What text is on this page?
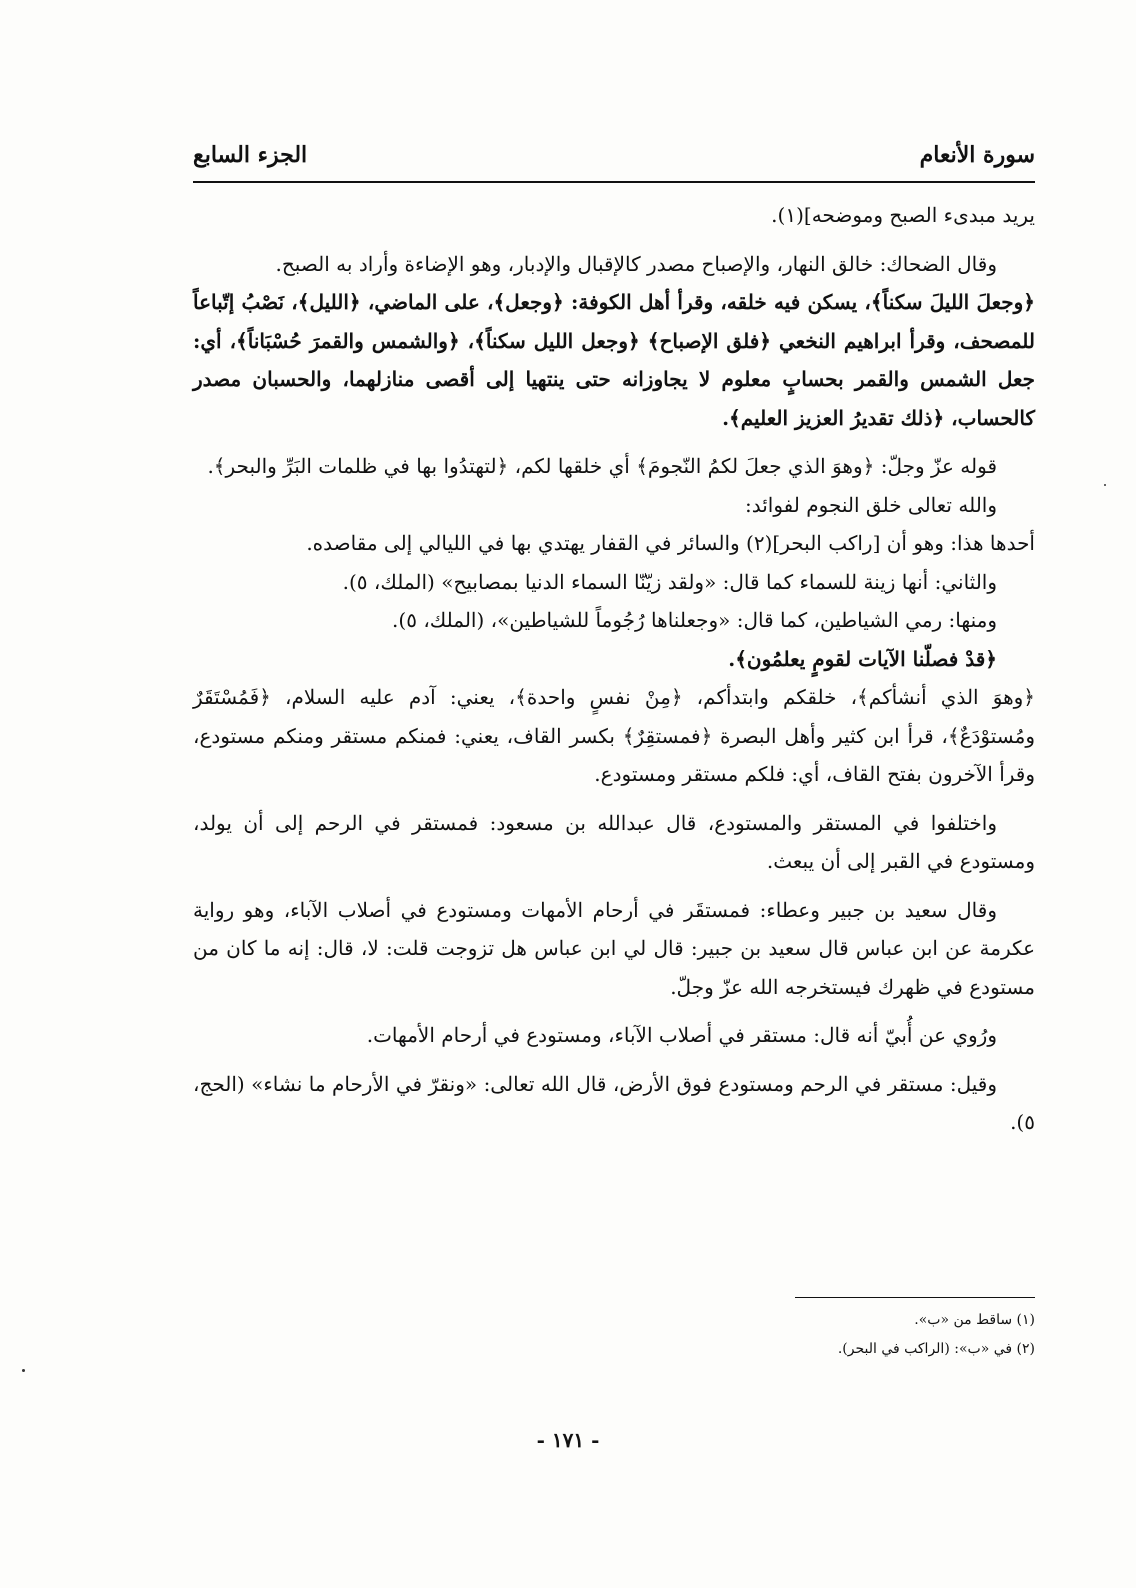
سورة الأنعام
الجزء السابع

يريد مبدىء الصبح وموضحه](١).

وقال الضحاك: خالق النهار، والإصباح مصدر كالإقبال والإدبار، وهو الإضاءة وأراد به الصبح.

﴿وجعلَ الليلَ سكناً﴾، يسكن فيه خلقه، وقرأ أهل الكوفة: ﴿وجعل﴾، على الماضي، ﴿الليل﴾، نَصْبُ إتّباعاً للمصحف، وقرأ ابراهيم النخعي ﴿فلق الإصباح﴾ ﴿وجعل الليل سكناً﴾، ﴿والشمس والقمرَ حُسْبَاناً﴾، أي: جعل الشمس والقمر بحسابٍ معلوم لا يجاوزانه حتى ينتهيا إلى أقصى منازلهما، والحسبان مصدر كالحساب، ﴿ذلك تقديرُ العزيز العليم﴾.

قوله عزّ وجلّ: ﴿وهوَ الذي جعلَ لكمُ النّجومَ﴾ أي خلقها لكم، ﴿لتهتدُوا بها في ظلمات البَرِّ والبحر﴾.

والله تعالى خلق النجوم لفوائد:

أحدها هذا: وهو أن [راكب البحر](٢) والسائر في القفار يهتدي بها في الليالي إلى مقاصده.

والثاني: أنها زينة للسماء كما قال: «ولقد زيّنّا السماء الدنيا بمصابيح» (الملك، ٥).

ومنها: رمي الشياطين، كما قال: «وجعلناها رُجُوماً للشياطين»، (الملك، ٥).

﴿قدْ فصلّنا الآيات لقومٍ يعلمُون﴾.

﴿وهوَ الذي أنشأكم﴾، خلقكم وابتدأكم، ﴿مِنْ نفسٍ واحدة﴾، يعني: آدم عليه السلام، ﴿فَمُسْتَقَرٌ ومُستوْدَعٌ﴾، قرأ ابن كثير وأهل البصرة ﴿فمستقِرٌ﴾ بكسر القاف، يعني: فمنكم مستقر ومنكم مستودع، وقرأ الآخرون بفتح القاف، أي: فلكم مستقر ومستودع.

واختلفوا في المستقر والمستودع، قال عبدالله بن مسعود: فمستقر في الرحم إلى أن يولد، ومستودع في القبر إلى أن يبعث.

وقال سعيد بن جبير وعطاء: فمستقَر في أرحام الأمهات ومستودع في أصلاب الآباء، وهو رواية عكرمة عن ابن عباس قال سعيد بن جبير: قال لي ابن عباس هل تزوجت قلت: لا، قال: إنه ما كان من مستودع في ظهرك فيستخرجه الله عزّ وجلّ.

ورُوي عن أُبيّ أنه قال: مستقر في أصلاب الآباء، ومستودع في أرحام الأمهات.

وقيل: مستقر في الرحم ومستودع فوق الأرض، قال الله تعالى: «ونقرّ في الأرحام ما نشاء» (الحج، ٥).

(١) ساقط من «ب».
(٢) في «ب»: (الراكب في البحر).
- ١٧١ -
